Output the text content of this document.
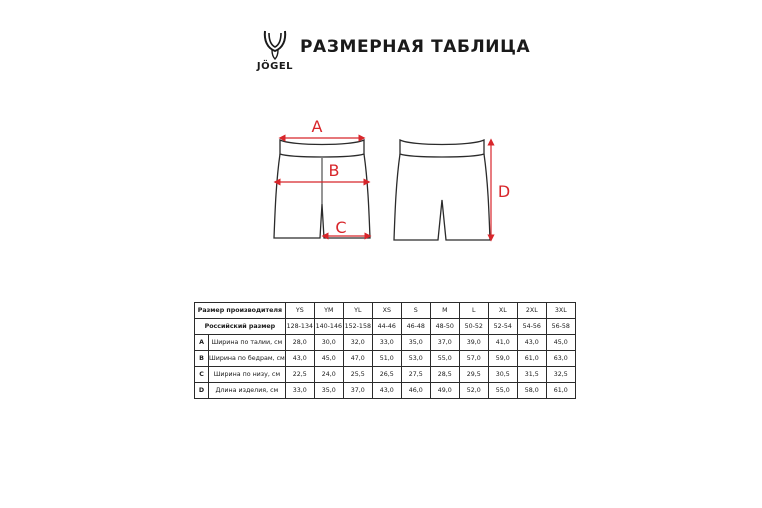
JÖGEL
РАЗМЕРНАЯ ТАБЛИЦА
A
B
C
D
Размер производителя		YS	YM	YL	XS	S	M	L	XL	2XL	3XL
Российский размер		128-134	140-146	152-158	44-46	46-48	48-50	50-52	52-54	54-56	56-58
A	Ширина по талии, см	28,0	30,0	32,0	33,0	35,0	37,0	39,0	41,0	43,0	45,0
B	Ширина по бедрам, см	43,0	45,0	47,0	51,0	53,0	55,0	57,0	59,0	61,0	63,0
C	Ширина по низу, см	22,5	24,0	25,5	26,5	27,5	28,5	29,5	30,5	31,5	32,5
D	Длина изделия, см	33,0	35,0	37,0	43,0	46,0	49,0	52,0	55,0	58,0	61,0
